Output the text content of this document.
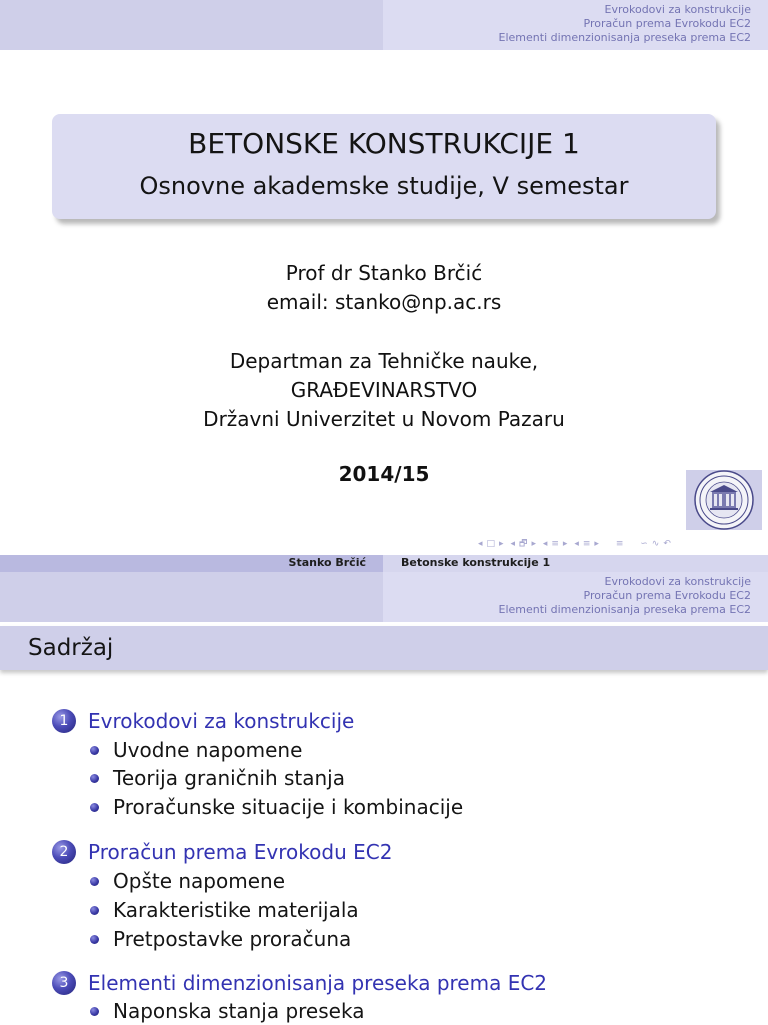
Evrokodovi za konstrukcije
Proračun prema Evrokodu EC2
Elementi dimenzionisanja preseka prema EC2
BETONSKE KONSTRUKCIJE 1
Osnovne akademske studije, V semestar
Prof dr Stanko Brčić
email: stanko@np.ac.rs
Departman za Tehničke nauke,
GRAĐEVINARSTVO
Državni Univerzitet u Novom Pazaru
2014/15
◂ □ ▸ ◂ 🗗 ▸ ◂ ≡ ▸ ◂ ≡ ▸ ≡ ∽ ∿ ↶
Stanko Brčić	Betonske konstrukcije 1
Evrokodovi za konstrukcije
Proračun prema Evrokodu EC2
Elementi dimenzionisanja preseka prema EC2
Sadržaj
1 Evrokodovi za konstrukcije
Uvodne napomene
Teorija graničnih stanja
Proračunske situacije i kombinacije
2 Proračun prema Evrokodu EC2
Opšte napomene
Karakteristike materijala
Pretpostavke proračuna
3 Elementi dimenzionisanja preseka prema EC2
Naponska stanja preseka
